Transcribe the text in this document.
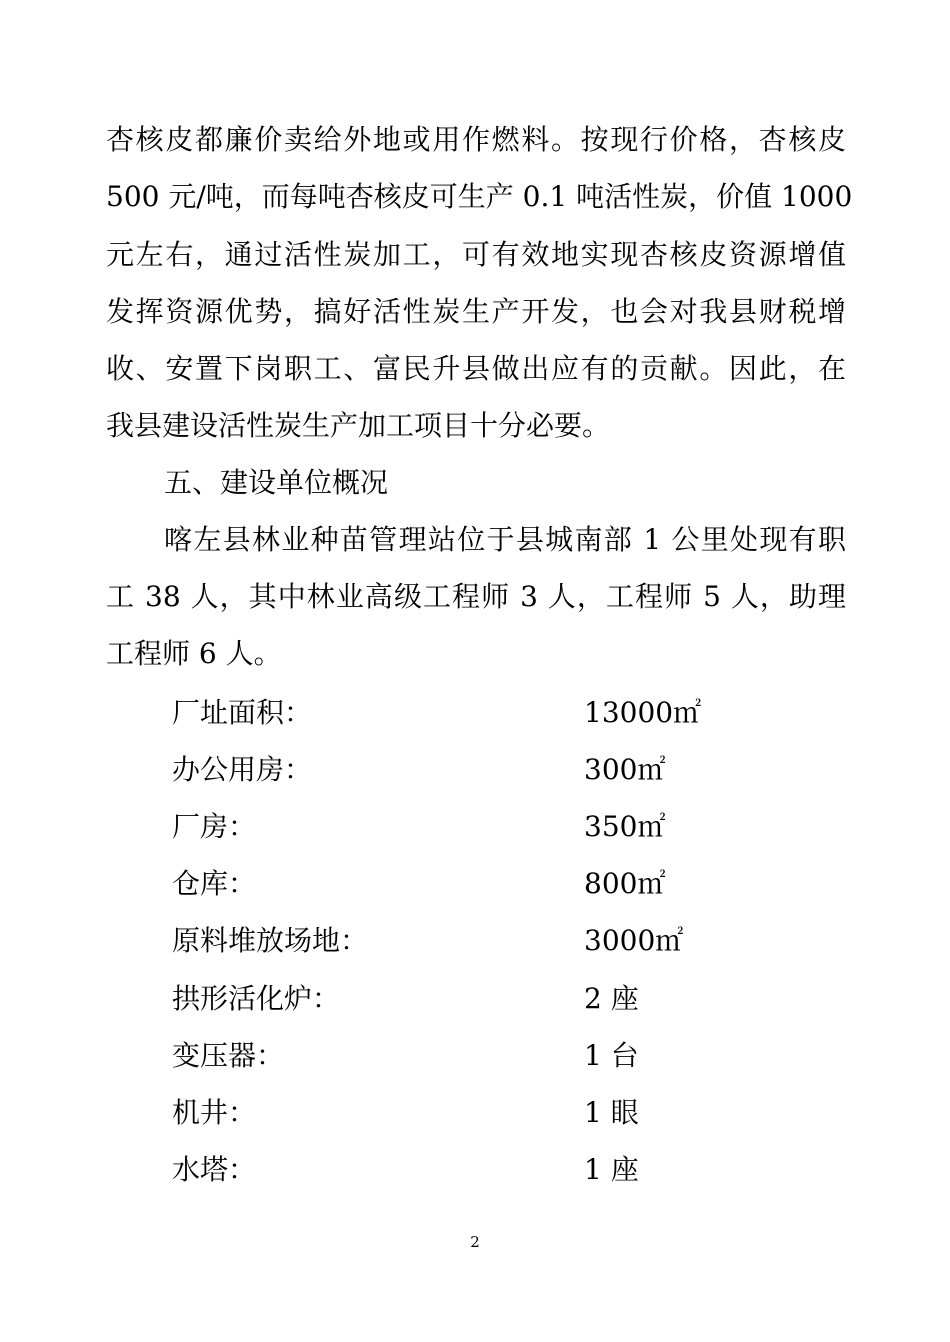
杏核皮都廉价卖给外地或用作燃料。按现行价格，杏核皮
500 元/吨，而每吨杏核皮可生产 0.1 吨活性炭，价值 1000
元左右，通过活性炭加工，可有效地实现杏核皮资源增值
发挥资源优势，搞好活性炭生产开发，也会对我县财税增
收、安置下岗职工、富民升县做出应有的贡献。因此，在
我县建设活性炭生产加工项目十分必要。
五、建设单位概况
喀左县林业种苗管理站位于县城南部 1 公里处现有职
工 38 人，其中林业高级工程师 3 人，工程师 5 人，助理
工程师 6 人。
厂址面积：	13000㎡
办公用房：	300㎡
厂房：	350㎡
仓库：	800㎡
原料堆放场地：	3000㎡
拱形活化炉：	2 座
变压器：	1 台
机井：	1 眼
水塔：	1 座
2
